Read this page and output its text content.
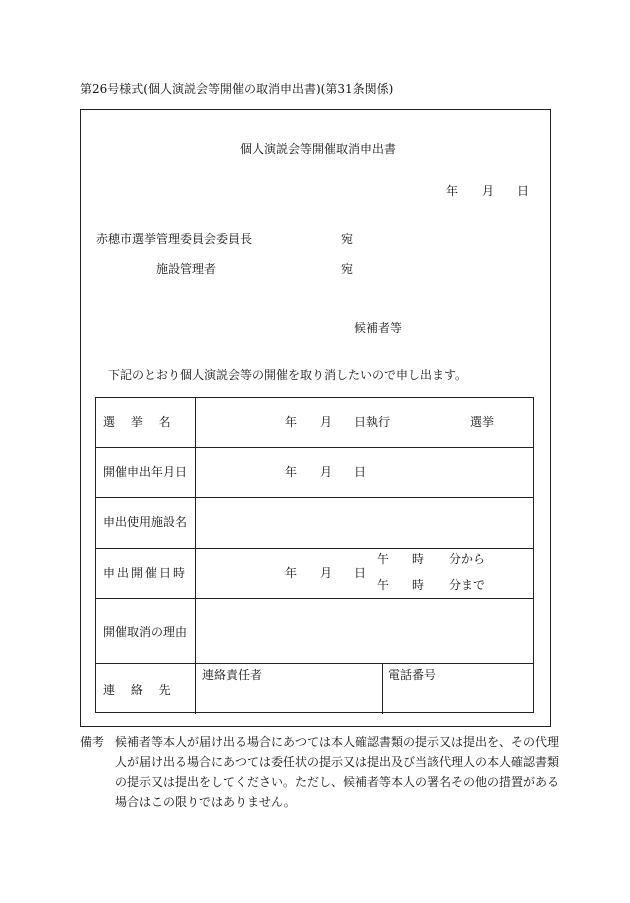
第26号様式(個人演説会等開催の取消申出書)(第31条関係)
個人演説会等開催取消申出書
年 月 日
赤穂市選挙管理委員会委員長	宛
施設管理者	宛
候補者等
下記のとおり個人演説会等の開催を取り消したいので申し出ます。
選 挙 名	年 月 日執行	選挙
開催申出年月日	年 月 日
申出使用施設名
申出開催日時	年 月 日
午 時 分から
午 時 分まで
開催取消の理由
連 絡 先
連絡責任者	電話番号
備考 候補者等本人が届け出る場合にあつては本人確認書類の提示又は提出を、その代理人が届け出る場合にあつては委任状の提示又は提出及び当該代理人の本人確認書類の提示又は提出をしてください。ただし、候補者等本人の署名その他の措置がある場合はこの限りではありません。
